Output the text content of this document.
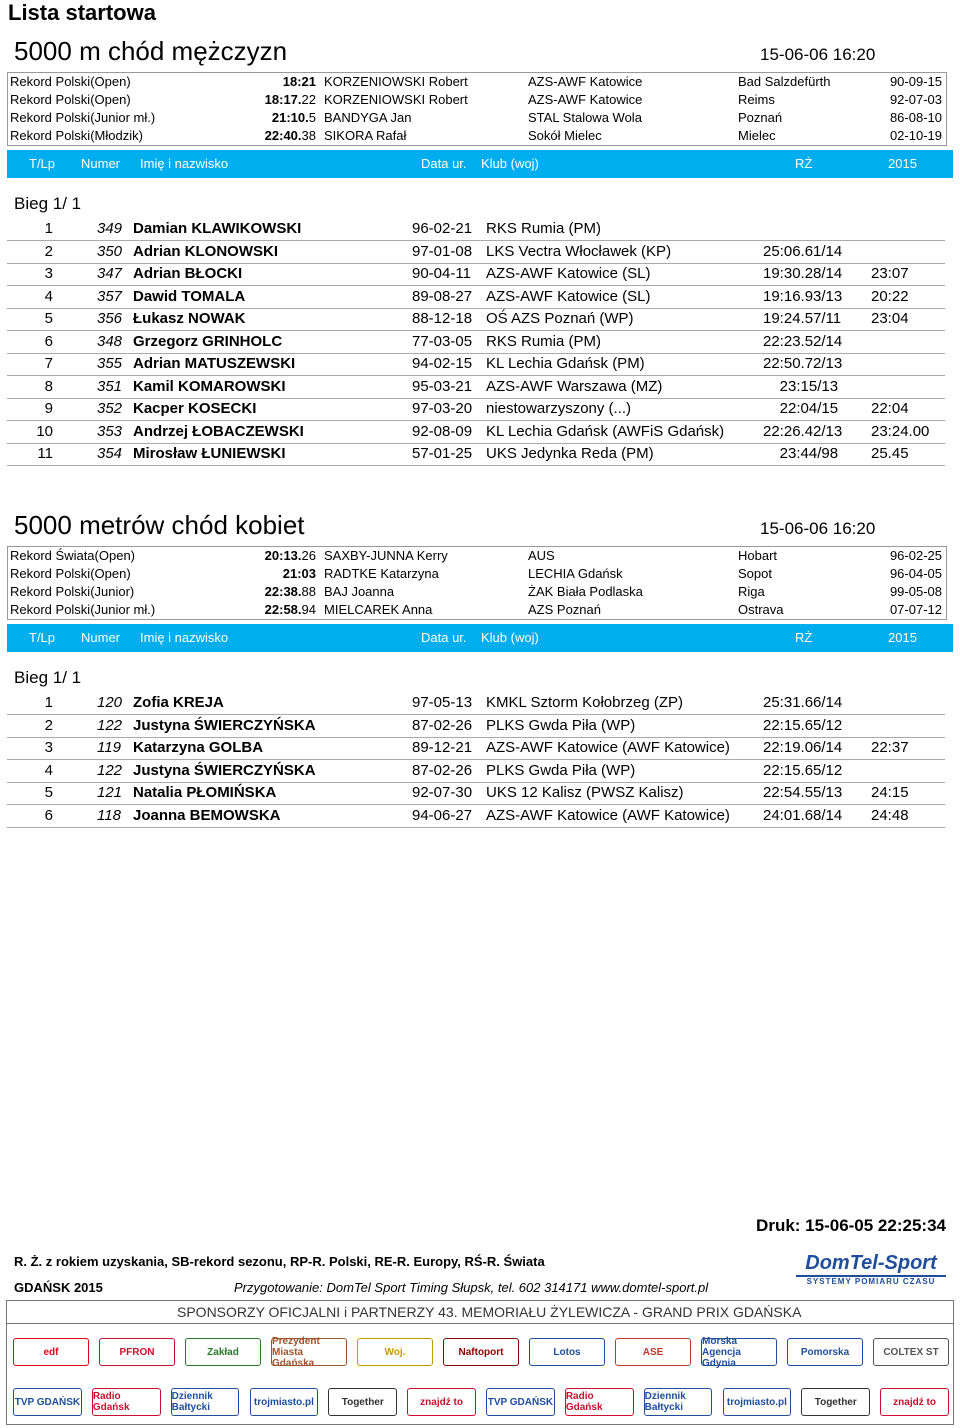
Lista startowa
5000 m chód mężczyzn	15-06-06 16:20
Rekord Polski(Open)	18:21 KORZENIOWSKI Robert	AZS-AWF Katowice	Bad Salzdefürth	90-09-15
Rekord Polski(Open)	18:17.22 KORZENIOWSKI Robert	AZS-AWF Katowice	Reims	92-07-03
Rekord Polski(Junior mł.)	21:10.5 BANDYGA Jan	STAL Stalowa Wola	Poznań	86-08-10
Rekord Polski(Młodzik)	22:40.38 SIKORA Rafał	Sokół Mielec	Mielec	02-10-19
T/Lp Numer Imię i nazwisko	Data ur. Klub (woj)	RŻ	2015
Bieg 1/ 1
1	349 Damian KLAWIKOWSKI	96-02-21 RKS Rumia (PM)
2	350 Adrian KLONOWSKI	97-01-08 LKS Vectra Włocławek (KP)	25:06.61/14
3	347 Adrian BŁOCKI	90-04-11 AZS-AWF Katowice (SL)	19:30.28/14 23:07
4	357 Dawid TOMALA	89-08-27 AZS-AWF Katowice (SL)	19:16.93/13 20:22
5	356 Łukasz NOWAK	88-12-18 OŚ AZS Poznań (WP)	19:24.57/11 23:04
6	348 Grzegorz GRINHOLC	77-03-05 RKS Rumia (PM)	22:23.52/14
7	355 Adrian MATUSZEWSKI	94-02-15 KL Lechia Gdańsk (PM)	22:50.72/13
8	351 Kamil KOMAROWSKI	95-03-21 AZS-AWF Warszawa (MZ)	23:15/13
9	352 Kacper KOSECKI	97-03-20 niestowarzyszony (...)	22:04/15 22:04
10	353 Andrzej ŁOBACZEWSKI	92-08-09 KL Lechia Gdańsk (AWFiS Gdańsk)	22:26.42/13 23:24.00
11	354 Mirosław ŁUNIEWSKI	57-01-25 UKS Jedynka Reda (PM)	23:44/98 25.45
5000 metrów chód kobiet	15-06-06 16:20
Rekord Świata(Open)	20:13.26 SAXBY-JUNNA Kerry	AUS	Hobart	96-02-25
Rekord Polski(Open)	21:03 RADTKE Katarzyna	LECHIA Gdańsk	Sopot	96-04-05
Rekord Polski(Junior)	22:38.88 BAJ Joanna	ŻAK Biała Podlaska	Riga	99-05-08
Rekord Polski(Junior mł.)	22:58.94 MIELCAREK Anna	AZS Poznań	Ostrava	07-07-12
T/Lp Numer Imię i nazwisko	Data ur. Klub (woj)	RŻ	2015
Bieg 1/ 1
1	120 Zofia KREJA	97-05-13 KMKL Sztorm Kołobrzeg (ZP)	25:31.66/14
2	122 Justyna ŚWIERCZYŃSKA	87-02-26 PLKS Gwda Piła (WP)	22:15.65/12
3	119 Katarzyna GOLBA	89-12-21 AZS-AWF Katowice (AWF Katowice) 22:19.06/14 22:37
4	122 Justyna ŚWIERCZYŃSKA	87-02-26 PLKS Gwda Piła (WP)	22:15.65/12
5	121 Natalia PŁOMIŃSKA	92-07-30 UKS 12 Kalisz (PWSZ Kalisz)	22:54.55/13 24:15
6	118 Joanna BEMOWSKA	94-06-27 AZS-AWF Katowice (AWF Katowice) 24:01.68/14 24:48
Druk: 15-06-05 22:25:34
R. Ż. z rokiem uzyskania, SB-rekord sezonu, RP-R. Polski, RE-R. Europy, RŚ-R. Świata
GDAŃSK 2015	Przygotowanie: DomTel Sport Timing Słupsk, tel. 602 314171 www.domtel-sport.pl
DomTel-Sport
SYSTEMY POMIARU CZASU
SPONSORZY OFICJALNI i PARTNERZY 43. MEMORIAŁU ŻYLEWICZA - GRAND PRIX GDAŃSKA
edf	PFRON	Zakład
Prezydent Miasta Gdańska
Woj.	Naftoport	Lotos	ASE
Morska Agencja Gdynia
Pomorska	COLTEX ST
TVP GDAŃSK Radio Gdańsk
Dziennik Bałtycki	trojmiasto.pl	Together	znajdź to	TVP GDAŃSK Radio Gdańsk
Dziennik Bałtycki	trojmiasto.pl	Together	znajdź to
